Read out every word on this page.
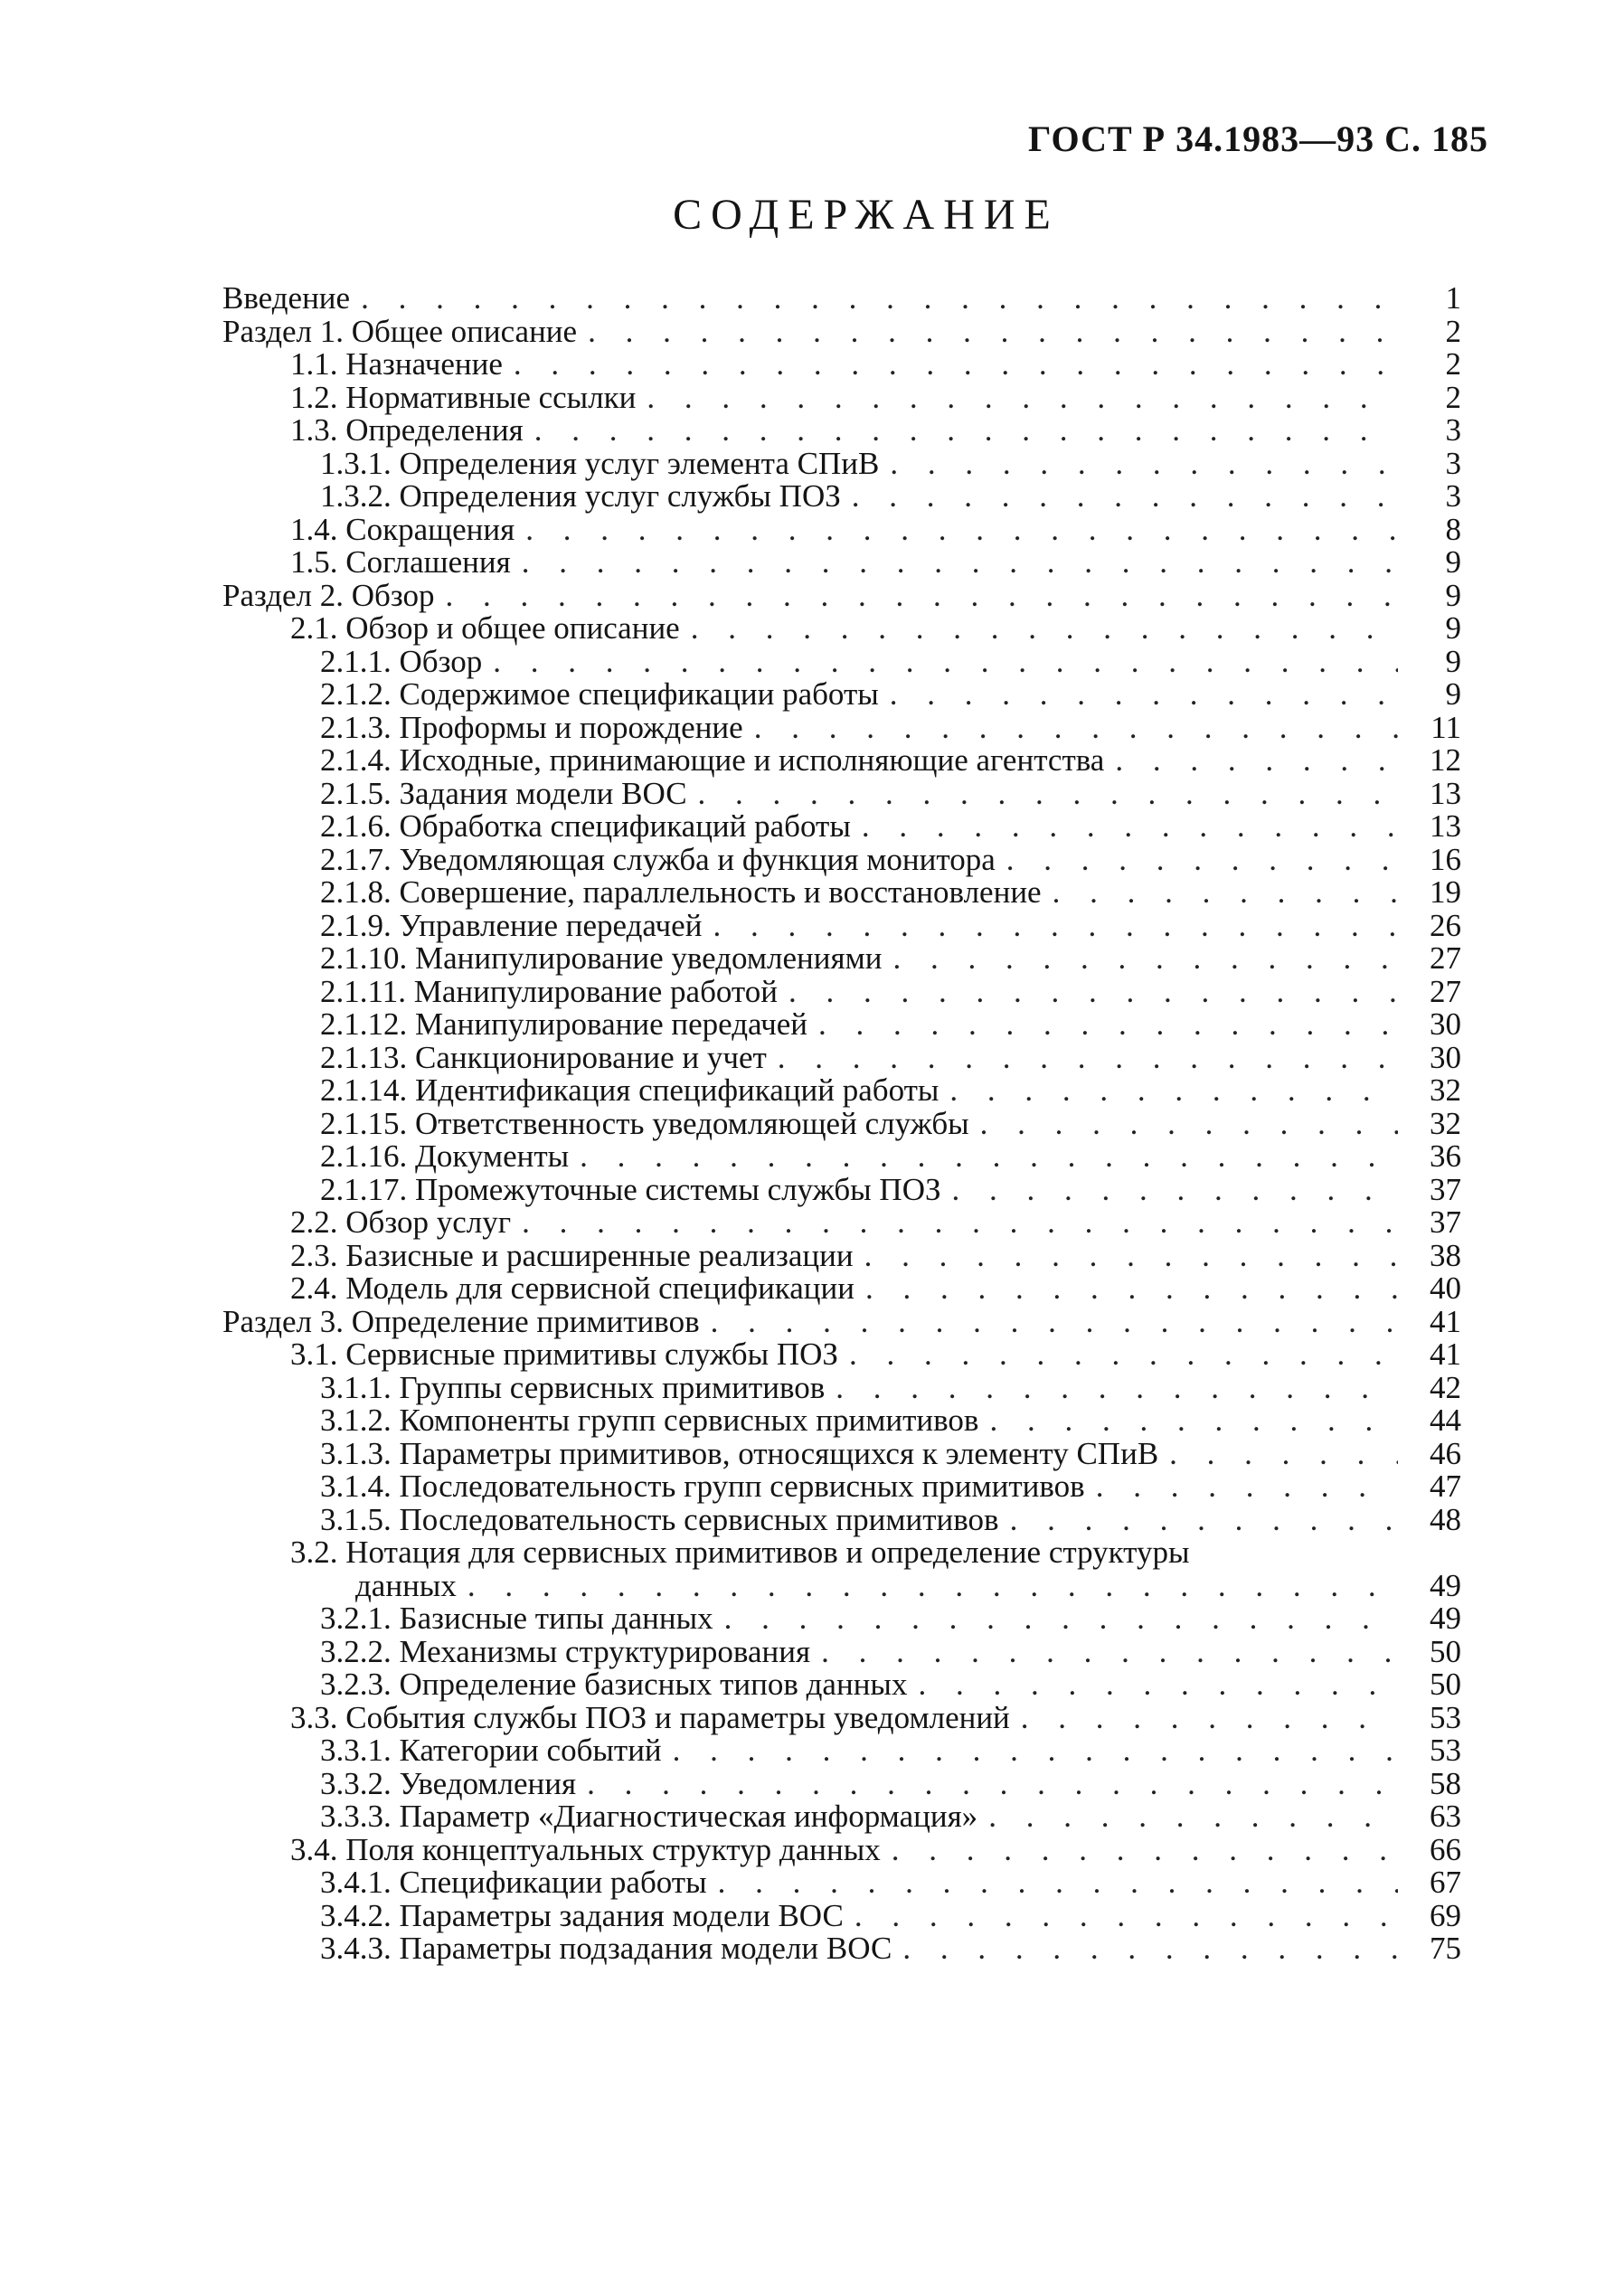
ГОСТ Р 34.1983—93 С. 185
СОДЕРЖАНИЕ
Введение . . .	1
Раздел 1. Общее описание . . .	2
1.1. Назначение . . .	2
1.2. Нормативные ссылки . . .	2
1.3. Определения . . .	3
1.3.1. Определения услуг элемента СПиВ . . .	3
1.3.2. Определения услуг службы ПОЗ . . .	3
1.4. Сокращения . . .	8
1.5. Соглашения . . .	9
Раздел 2. Обзор . . .	9
2.1. Обзор и общее описание . . .	9
2.1.1. Обзор . . .	9
2.1.2. Содержимое спецификации работы . . .	9
2.1.3. Проформы и порождение . . .	11
2.1.4. Исходные, принимающие и исполняющие агентства . . .	12
2.1.5. Задания модели ВОС . . .	13
2.1.6. Обработка спецификаций работы . . .	13
2.1.7. Уведомляющая служба и функция монитора . . .	16
2.1.8. Совершение, параллельность и восстановление . . .	19
2.1.9. Управление передачей . . .	26
2.1.10. Манипулирование уведомлениями . . .	27
2.1.11. Манипулирование работой . . .	27
2.1.12. Манипулирование передачей . . .	30
2.1.13. Санкционирование и учет . . .	30
2.1.14. Идентификация спецификаций работы . . .	32
2.1.15. Ответственность уведомляющей службы . . .	32
2.1.16. Документы . . .	36
2.1.17. Промежуточные системы службы ПОЗ . . .	37
2.2. Обзор услуг . . .	37
2.3. Базисные и расширенные реализации . . .	38
2.4. Модель для сервисной спецификации . . .	40
Раздел 3. Определение примитивов . . .	41
3.1. Сервисные примитивы службы ПОЗ . . .	41
3.1.1. Группы сервисных примитивов . . .	42
3.1.2. Компоненты групп сервисных примитивов . . .	44
3.1.3. Параметры примитивов, относящихся к элементу СПиВ . . .	46
3.1.4. Последовательность групп сервисных примитивов . . .	47
3.1.5. Последовательность сервисных примитивов . . .	48
3.2. Нотация для сервисных примитивов и определение структуры
данных . . .	49
3.2.1. Базисные типы данных . . .	49
3.2.2. Механизмы структурирования . . .	50
3.2.3. Определение базисных типов данных . . .	50
3.3. События службы ПОЗ и параметры уведомлений . . .	53
3.3.1. Категории событий . . .	53
3.3.2. Уведомления . . .	58
3.3.3. Параметр «Диагностическая информация» . . .	63
3.4. Поля концептуальных структур данных . . .	66
3.4.1. Спецификации работы . . .	67
3.4.2. Параметры задания модели ВОС . . .	69
3.4.3. Параметры подзадания модели ВОС . . .	75
